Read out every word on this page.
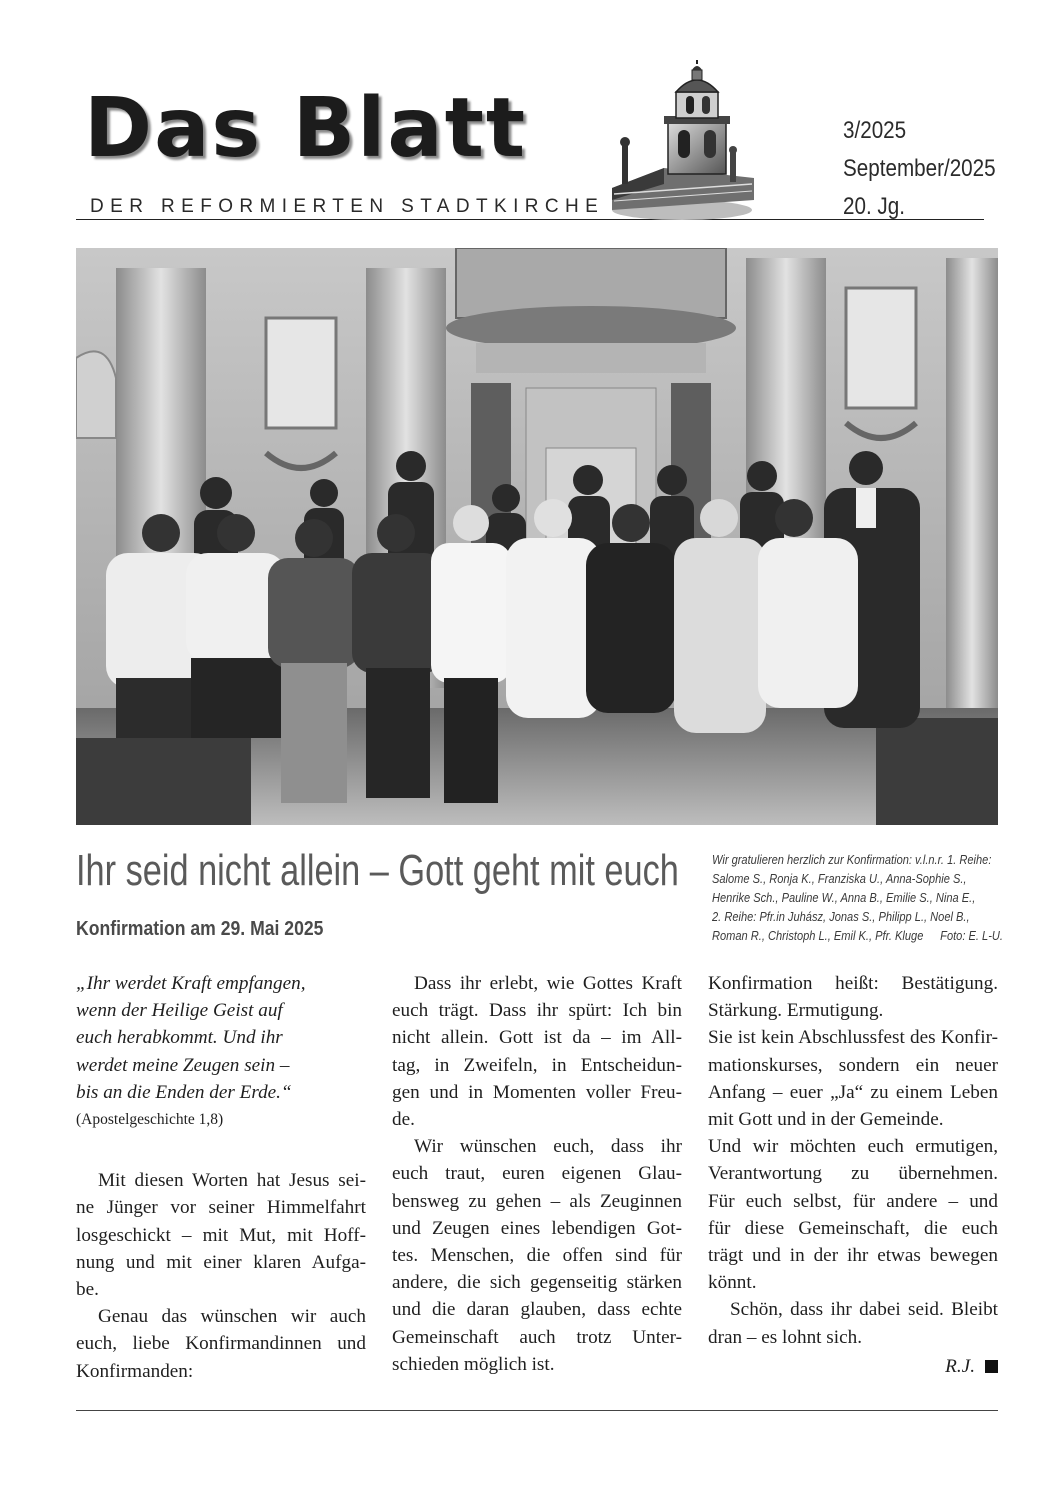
Das Blatt
DER REFORMIERTEN STADTKIRCHE
3/2025
September/2025
20. Jg.
Ihr seid nicht allein – Gott geht mit euch
Konfirmation am 29. Mai 2025
Wir gratulieren herzlich zur Konfirmation: v.l.n.r. 1. Reihe:
Salome S., Ronja K., Franziska U., Anna-Sophie S.,
Henrike Sch., Pauline W., Anna B., Emilie S., Nina E.,
2. Reihe: Pfr.in Juhász, Jonas S., Philipp L., Noel B.,
Roman R., Christoph L., Emil K., Pfr. Kluge Foto: E. L-U.

„Ihr werdet Kraft empfangen,
wenn der Heilige Geist auf
euch herabkommt. Und ihr
werdet meine Zeugen sein –
bis an die Enden der Erde.“

(Apostelgeschichte 1,8)

Mit diesen Worten hat Jesus sei-
ne Jünger vor seiner Himmelfahrt
losgeschickt – mit Mut, mit Hoff-
nung und mit einer klaren Aufga-
be.

Genau das wünschen wir auch
euch, liebe Konfirmandinnen und
Konfirmanden:

Dass ihr erlebt, wie Gottes Kraft
euch trägt. Dass ihr spürt: Ich bin
nicht allein. Gott ist da – im All-
tag, in Zweifeln, in Entscheidun-
gen und in Momenten voller Freu-
de.

Wir wünschen euch, dass ihr
euch traut, euren eigenen Glau-
bensweg zu gehen – als Zeuginnen
und Zeugen eines lebendigen Got-
tes. Menschen, die offen sind für
andere, die sich gegenseitig stärken
und die daran glauben, dass echte
Gemeinschaft auch trotz Unter-
schieden möglich ist.

Konfirmation heißt: Bestätigung.
Stärkung. Ermutigung.

Sie ist kein Abschlussfest des Konfir-
mationskurses, sondern ein neuer
Anfang – euer „Ja“ zu einem Leben
mit Gott und in der Gemeinde.

Und wir möchten euch ermutigen,
Verantwortung zu übernehmen.
Für euch selbst, für andere – und
für diese Gemeinschaft, die euch
trägt und in der ihr etwas bewegen
könnt.

Schön, dass ihr dabei seid. Bleibt
dran – es lohnt sich.

R.J.
